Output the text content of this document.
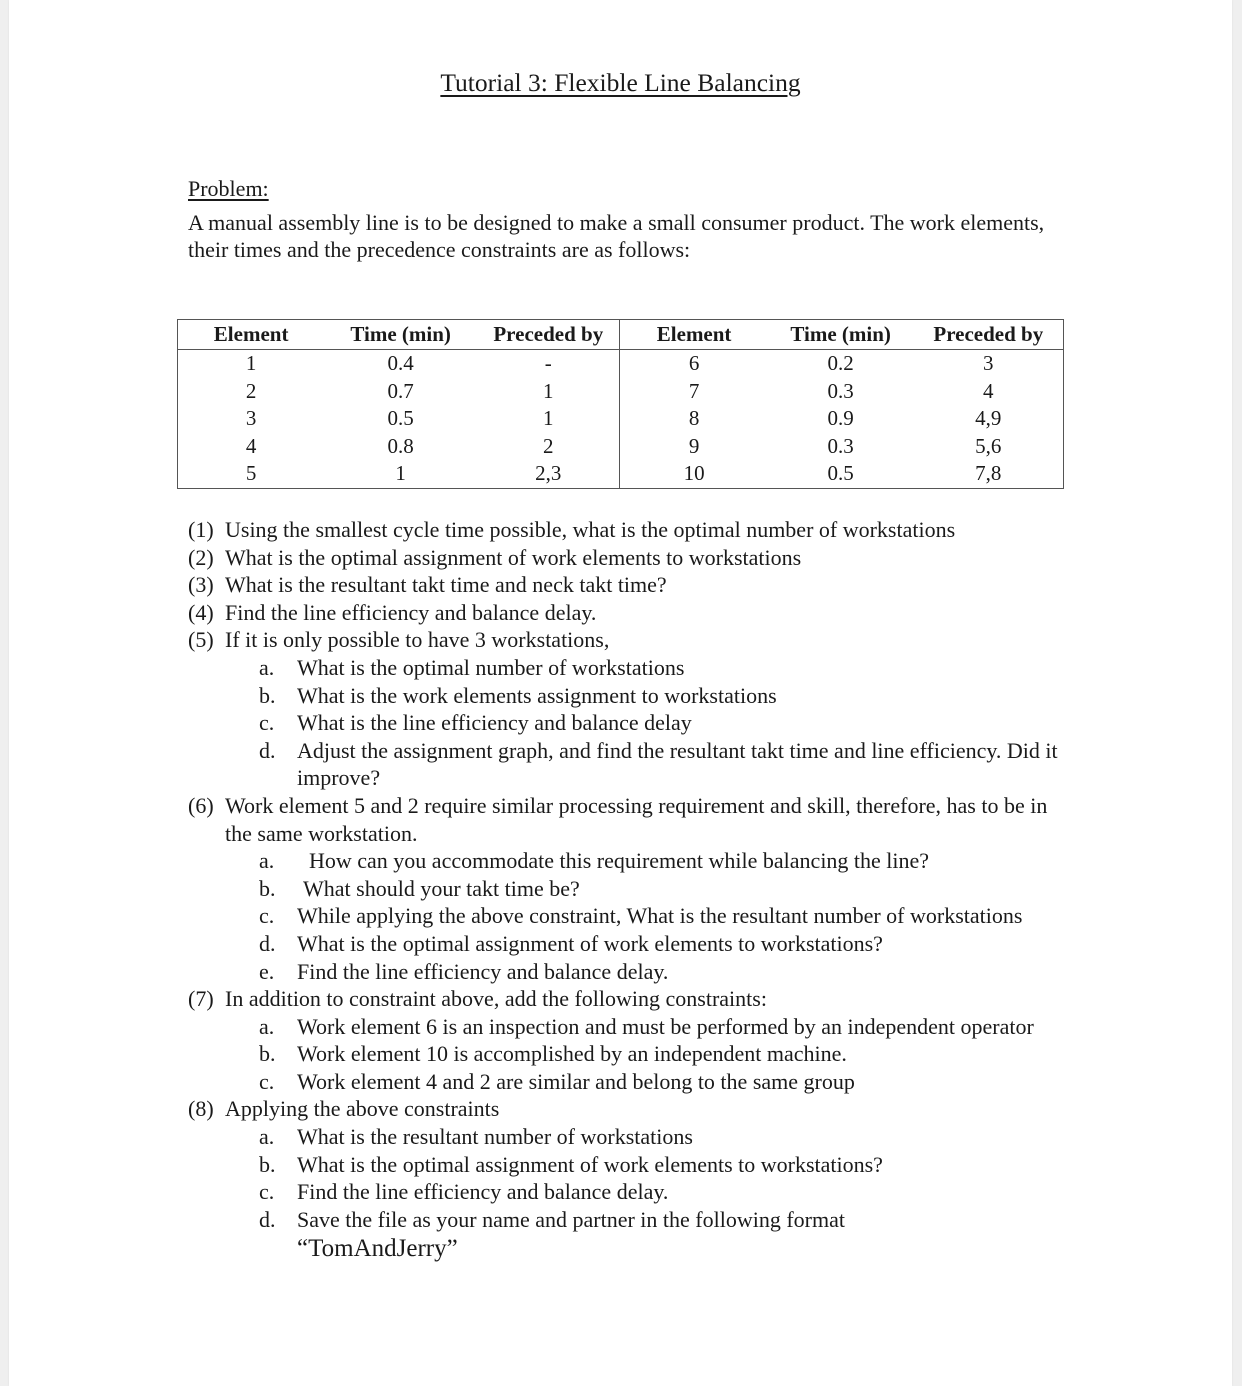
Tutorial 3: Flexible Line Balancing
Problem:
A manual assembly line is to be designed to make a small consumer product. The work elements, their times and the precedence constraints are as follows:
Element	Time (min)	Preceded by	Element	Time (min)	Preceded by
1	0.4	-	6	0.2	3
2	0.7	1	7	0.3	4
3	0.5	1	8	0.9	4,9
4	0.8	2	9	0.3	5,6
5	1	2,3	10	0.5	7,8
(1) Using the smallest cycle time possible, what is the optimal number of workstations
(2) What is the optimal assignment of work elements to workstations
(3) What is the resultant takt time and neck takt time?
(4) Find the line efficiency and balance delay.
(5) If it is only possible to have 3 workstations,
a.	What is the optimal number of workstations
b. What is the work elements assignment to workstations
c.	What is the line efficiency and balance delay
d. Adjust the assignment graph, and find the resultant takt time and line efficiency. Did it improve?
(6) Work element 5 and 2 require similar processing requirement and skill, therefore, has to be in the same workstation.
a.	How can you accommodate this requirement while balancing the line?
b.	What should your takt time be?
c.	While applying the above constraint, What is the resultant number of workstations
d. What is the optimal assignment of work elements to workstations?
e.	Find the line efficiency and balance delay.
(7) In addition to constraint above, add the following constraints:
a.	Work element 6 is an inspection and must be performed by an independent operator
b. Work element 10 is accomplished by an independent machine.
c.	Work element 4 and 2 are similar and belong to the same group
(8) Applying the above constraints
a.	What is the resultant number of workstations
b. What is the optimal assignment of work elements to workstations?
c.	Find the line efficiency and balance delay.
d. Save the file as your name and partner in the following format
“TomAndJerry”
